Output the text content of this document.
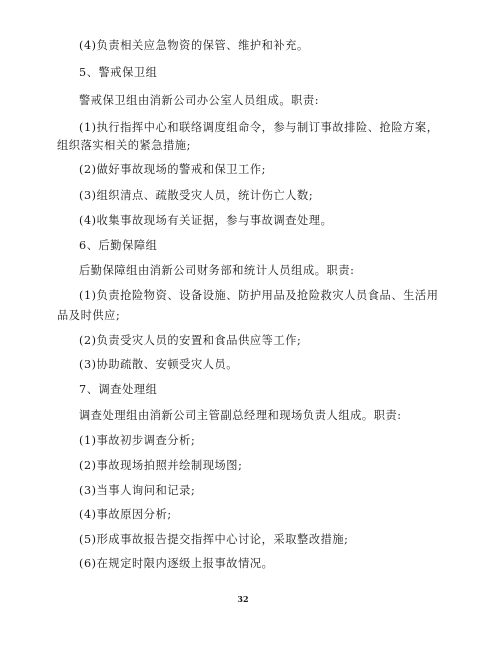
(4)负责相关应急物资的保管、维护和补充。
5、警戒保卫组
警戒保卫组由消新公司办公室人员组成。职责:
(1)执行指挥中心和联络调度组命令，参与制订事故排险、抢险方案，
组织落实相关的紧急措施;
(2)做好事故现场的警戒和保卫工作;
(3)组织清点、疏散受灾人员，统计伤亡人数;
(4)收集事故现场有关证据，参与事故调查处理。
6、后勤保障组
后勤保障组由消新公司财务部和统计人员组成。职责:
(1)负责抢险物资、设备设施、防护用品及抢险救灾人员食品、生活用
品及时供应;
(2)负责受灾人员的安置和食品供应等工作;
(3)协助疏散、安顿受灾人员。
7、调查处理组
调查处理组由消新公司主管副总经理和现场负责人组成。职责:
(1)事故初步调查分析;
(2)事故现场拍照并绘制现场图;
(3)当事人询问和记录;
(4)事故原因分析;
(5)形成事故报告提交指挥中心讨论，采取整改措施;
(6)在规定时限内逐级上报事故情况。
32
